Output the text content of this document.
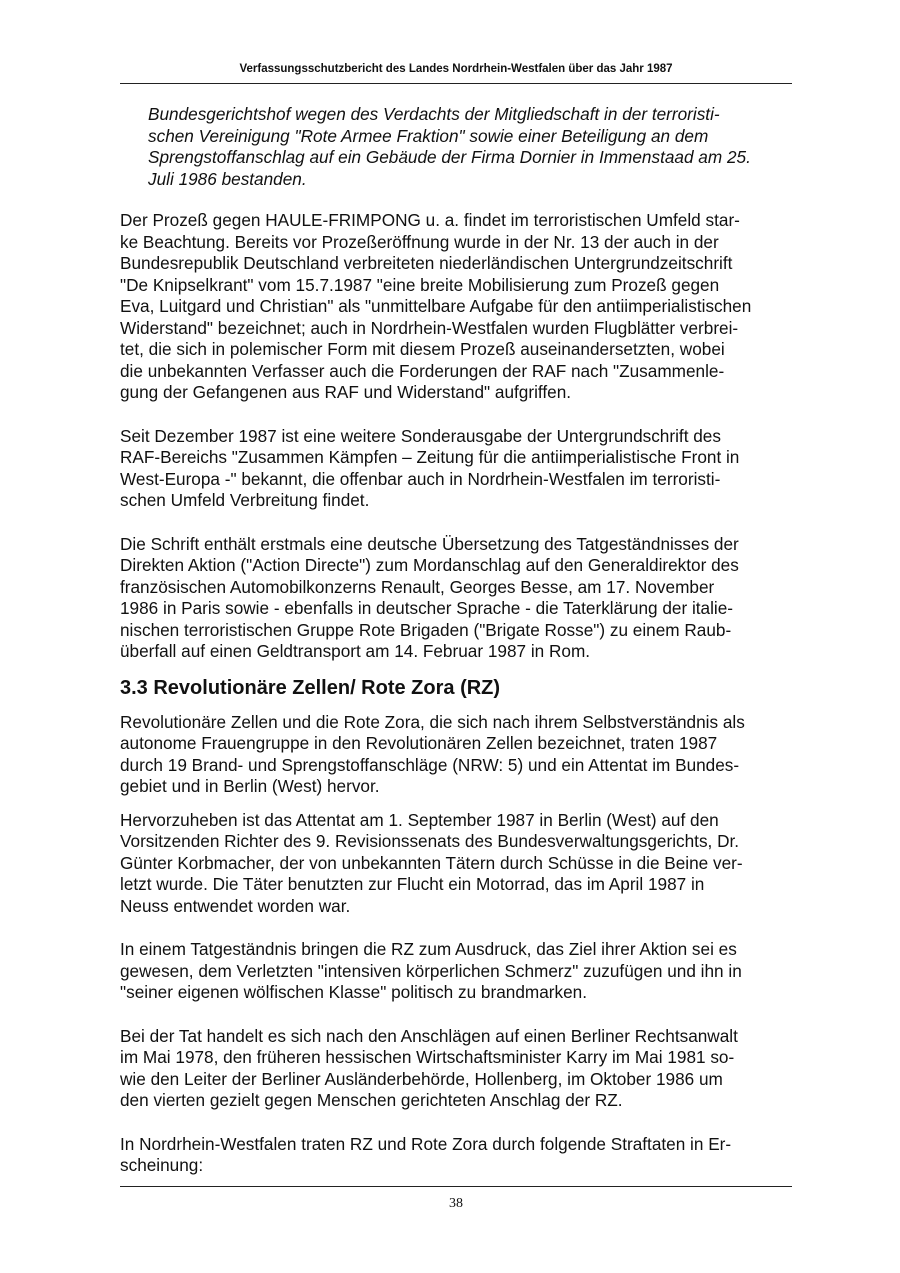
Verfassungsschutzbericht des Landes Nordrhein-Westfalen über das Jahr 1987

Bundesgerichtshof wegen des Verdachts der Mitgliedschaft in der terroristi-
schen Vereinigung "Rote Armee Fraktion" sowie einer Beteiligung an dem
Sprengstoffanschlag auf ein Gebäude der Firma Dornier in Immenstaad am 25.
Juli 1986 bestanden.

Der Prozeß gegen HAULE-FRIMPONG u. a. findet im terroristischen Umfeld star-
ke Beachtung. Bereits vor Prozeßeröffnung wurde in der Nr. 13 der auch in der
Bundesrepublik Deutschland verbreiteten niederländischen Untergrundzeitschrift
"De Knipselkrant" vom 15.7.1987 "eine breite Mobilisierung zum Prozeß gegen
Eva, Luitgard und Christian" als "unmittelbare Aufgabe für den antiimperialistischen
Widerstand" bezeichnet; auch in Nordrhein-Westfalen wurden Flugblätter verbrei-
tet, die sich in polemischer Form mit diesem Prozeß auseinandersetzten, wobei
die unbekannten Verfasser auch die Forderungen der RAF nach "Zusammenle-
gung der Gefangenen aus RAF und Widerstand" aufgriffen.

Seit Dezember 1987 ist eine weitere Sonderausgabe der Untergrundschrift des
RAF-Bereichs "Zusammen Kämpfen – Zeitung für die antiimperialistische Front in
West-Europa -" bekannt, die offenbar auch in Nordrhein-Westfalen im terroristi-
schen Umfeld Verbreitung findet.

Die Schrift enthält erstmals eine deutsche Übersetzung des Tatgeständnisses der
Direkten Aktion ("Action Directe") zum Mordanschlag auf den Generaldirektor des
französischen Automobilkonzerns Renault, Georges Besse, am 17. November
1986 in Paris sowie - ebenfalls in deutscher Sprache - die Taterklärung der italie-
nischen terroristischen Gruppe Rote Brigaden ("Brigate Rosse") zu einem Raub-
überfall auf einen Geldtransport am 14. Februar 1987 in Rom.

3.3 Revolutionäre Zellen/ Rote Zora (RZ)

Revolutionäre Zellen und die Rote Zora, die sich nach ihrem Selbstverständnis als
autonome Frauengruppe in den Revolutionären Zellen bezeichnet, traten 1987
durch 19 Brand- und Sprengstoffanschläge (NRW: 5) und ein Attentat im Bundes-
gebiet und in Berlin (West) hervor.

Hervorzuheben ist das Attentat am 1. September 1987 in Berlin (West) auf den
Vorsitzenden Richter des 9. Revisionssenats des Bundesverwaltungsgerichts, Dr.
Günter Korbmacher, der von unbekannten Tätern durch Schüsse in die Beine ver-
letzt wurde. Die Täter benutzten zur Flucht ein Motorrad, das im April 1987 in
Neuss entwendet worden war.

In einem Tatgeständnis bringen die RZ zum Ausdruck, das Ziel ihrer Aktion sei es
gewesen, dem Verletzten "intensiven körperlichen Schmerz" zuzufügen und ihn in
"seiner eigenen wölfischen Klasse" politisch zu brandmarken.

Bei der Tat handelt es sich nach den Anschlägen auf einen Berliner Rechtsanwalt
im Mai 1978, den früheren hessischen Wirtschaftsminister Karry im Mai 1981 so-
wie den Leiter der Berliner Ausländerbehörde, Hollenberg, im Oktober 1986 um
den vierten gezielt gegen Menschen gerichteten Anschlag der RZ.

In Nordrhein-Westfalen traten RZ und Rote Zora durch folgende Straftaten in Er-
scheinung:

38
